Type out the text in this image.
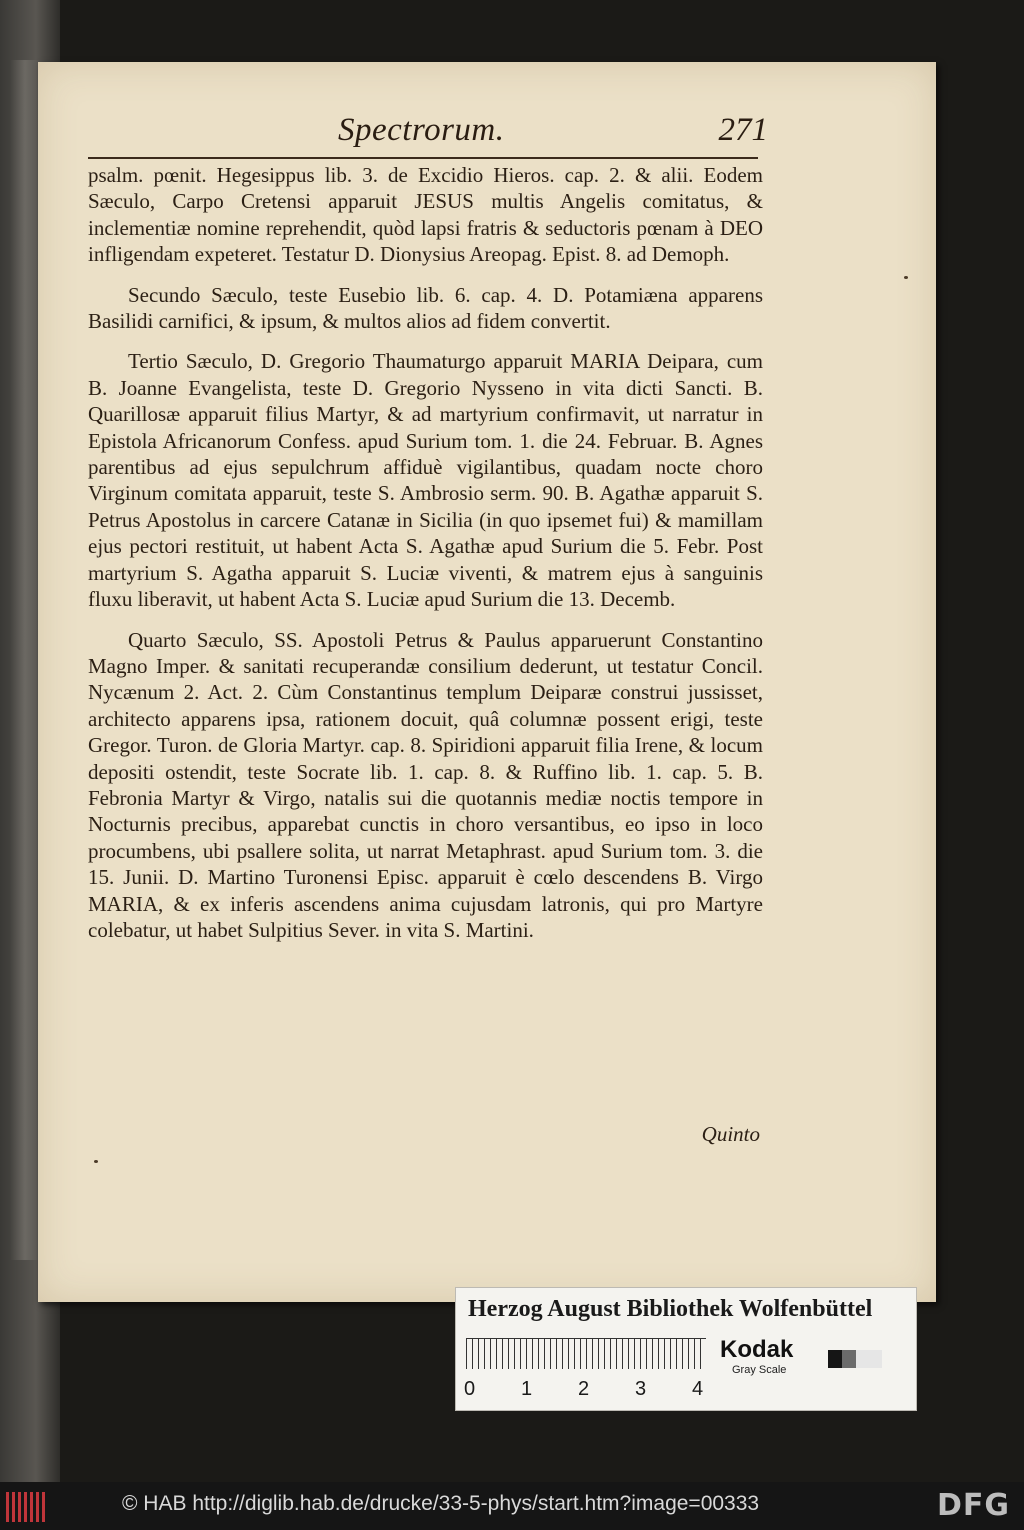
Spectrorum.	271

psalm. pœnit. Hegesippus lib. 3. de Excidio Hieros. cap. 2. & alii. Eodem Sæculo, Carpo Cretensi apparuit JESUS multis Angelis comitatus, & inclementiæ nomine reprehendit, quòd lapsi fratris & seductoris pœnam à DEO infligendam expeteret. Testatur D. Dionysius Areopag. Epist. 8. ad Demoph.

Secundo Sæculo, teste Eusebio lib. 6. cap. 4. D. Potamiæna apparens Basilidi carnifici, & ipsum, & multos alios ad fidem convertit.

Tertio Sæculo, D. Gregorio Thaumaturgo apparuit MARIA Deipara, cum B. Joanne Evangelista, teste D. Gregorio Nysseno in vita dicti Sancti. B. Quarillosæ apparuit filius Martyr, & ad martyrium confirmavit, ut narratur in Epistola Africanorum Confess. apud Surium tom. 1. die 24. Februar. B. Agnes parentibus ad ejus sepulchrum affiduè vigilantibus, quadam nocte choro Virginum comitata apparuit, teste S. Ambrosio serm. 90. B. Agathæ apparuit S. Petrus Apostolus in carcere Catanæ in Sicilia (in quo ipsemet fui) & mamillam ejus pectori restituit, ut habent Acta S. Agathæ apud Surium die 5. Febr. Post martyrium S. Agatha apparuit S. Luciæ viventi, & matrem ejus à sanguinis fluxu liberavit, ut habent Acta S. Luciæ apud Surium die 13. Decemb.

Quarto Sæculo, SS. Apostoli Petrus & Paulus apparuerunt Constantino Magno Imper. & sanitati recuperandæ consilium dederunt, ut testatur Concil. Nycænum 2. Act. 2. Cùm Constantinus templum Deiparæ construi jussisset, architecto apparens ipsa, rationem docuit, quâ columnæ possent erigi, teste Gregor. Turon. de Gloria Martyr. cap. 8. Spiridioni apparuit filia Irene, & locum depositi ostendit, teste Socrate lib. 1. cap. 8. & Ruffino lib. 1. cap. 5. B. Febronia Martyr & Virgo, natalis sui die quotannis mediæ noctis tempore in Nocturnis precibus, apparebat cunctis in choro versantibus, eo ipso in loco procumbens, ubi psallere solita, ut narrat Metaphrast. apud Surium tom. 3. die 15. Junii. D. Martino Turonensi Episc. apparuit è cœlo descendens B. Virgo MARIA, & ex inferis ascendens anima cujusdam latronis, qui pro Martyre colebatur, ut habet Sulpitius Sever. in vita S. Martini.

Quinto
Herzog August Bibliothek Wolfenbüttel
0 1 2 3 4
Kodak
Gray Scale
© HAB http://diglib.hab.de/drucke/33-5-phys/start.htm?image=00333	DFG
